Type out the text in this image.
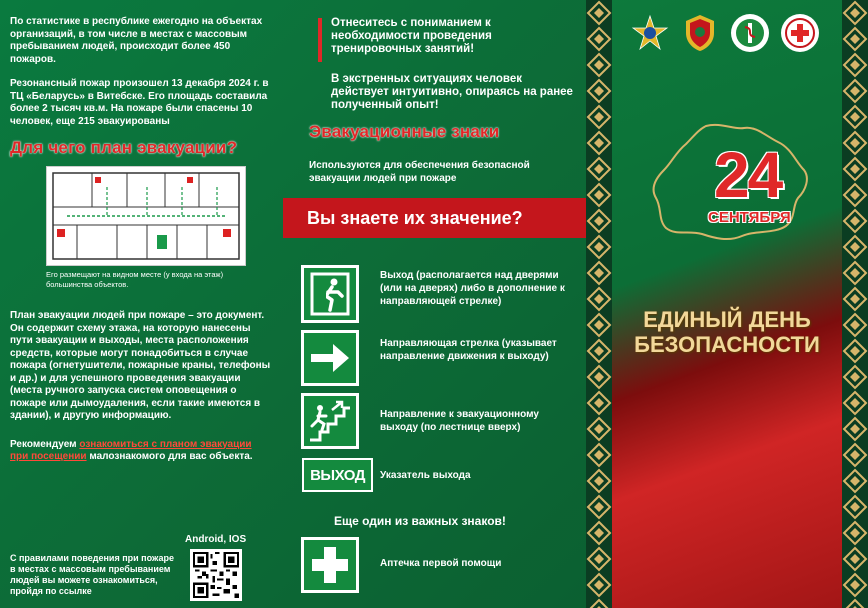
По статистике в республике ежегодно на объектах организаций, в том числе в местах с массовым пребыванием людей, происходит более 450 пожаров.

Резонансный пожар произошел 13 декабря 2024 г. в ТЦ «Беларусь» в Витебске. Его площадь составила более 2 тысяч кв.м. На пожаре были спасены 10 человек, еще 215 эвакуированы

Для чего план эвакуации?

Его размещают на видном месте (у входа на этаж) большинства объектов.

План эвакуации людей при пожаре – это документ. Он содержит схему этажа, на которую нанесены пути эвакуации и выходы, места расположения средств, которые могут понадобиться в случае пожара (огнетушители, пожарные краны, телефоны и др.) и для успешного проведения эвакуации (места ручного запуска систем оповещения о пожаре или дымоудаления, если такие имеются в здании), и другую информацию.

Рекомендуем ознакомиться с планом эвакуации при посещении малознакомого для вас объекта.

Android, IOS
С правилами поведения при пожаре в местах с массовым пребыванием людей вы можете ознакомиться, пройдя по ссылке

Отнеситесь с пониманием к необходимости проведения тренировочных занятий!

В экстренных ситуациях человек действует интуитивно, опираясь на ранее полученный опыт!

Эвакуационные знаки

Используются для обеспечения безопасной эвакуации людей при пожаре

Вы знаете их значение?

Выход (располагается над дверями (или на дверях) либо в дополнение к направляющей стрелке)

Направляющая стрелка (указывает направление движения к выходу)

Направление к эвакуационному выходу (по лестнице вверх)

ВЫХОД	Указатель выхода

Еще один из важных знаков!

Аптечка первой помощи

24
СЕНТЯБРЯ
ЕДИНЫЙ ДЕНЬ
БЕЗОПАСНОСТИ
